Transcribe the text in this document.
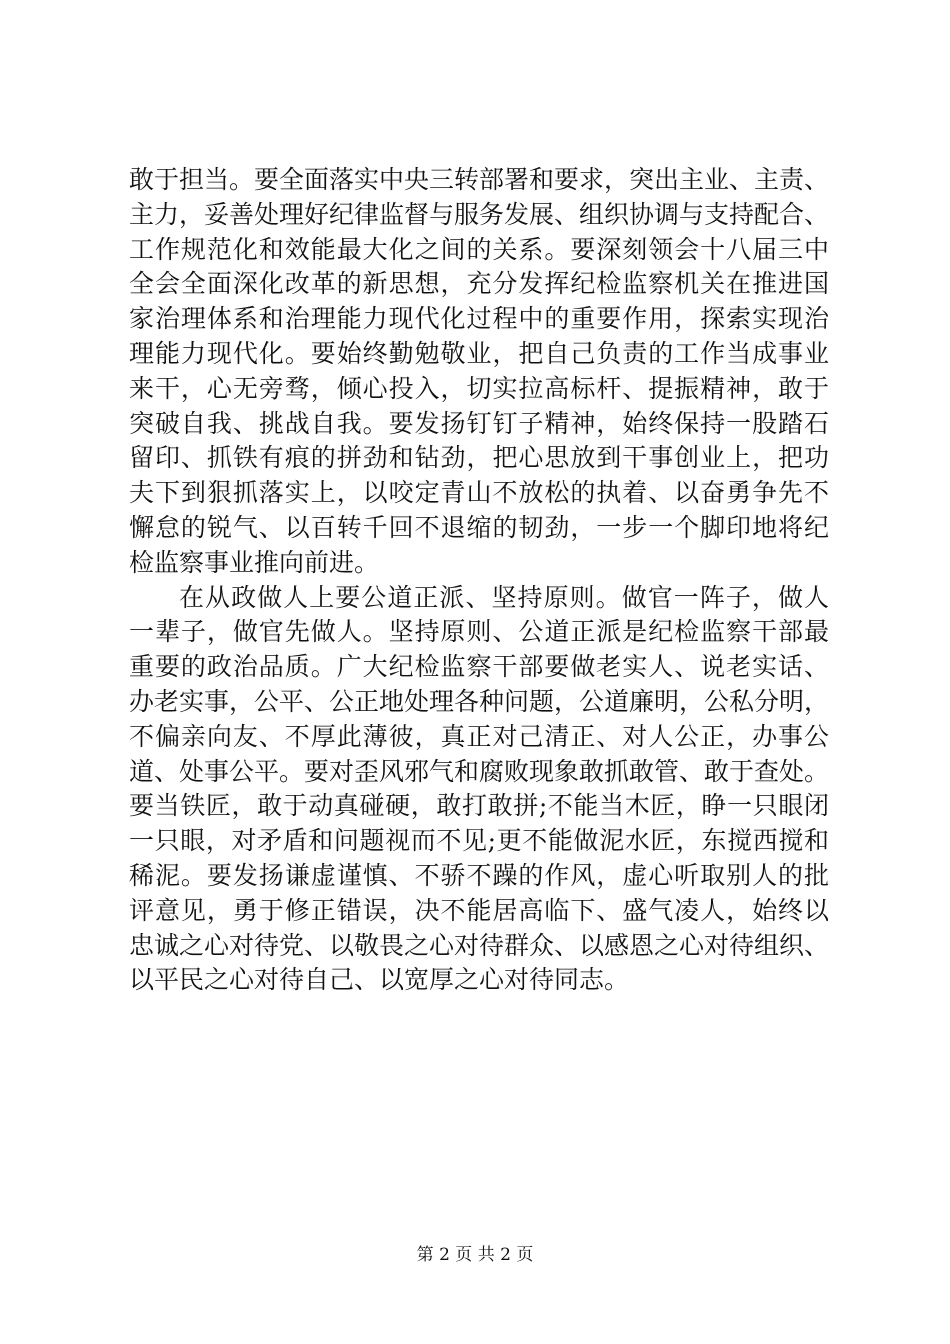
敢于担当。要全面落实中央三转部署和要求，突出主业、主责、
主力，妥善处理好纪律监督与服务发展、组织协调与支持配合、
工作规范化和效能最大化之间的关系。要深刻领会十八届三中
全会全面深化改革的新思想，充分发挥纪检监察机关在推进国
家治理体系和治理能力现代化过程中的重要作用，探索实现治
理能力现代化。要始终勤勉敬业，把自己负责的工作当成事业
来干，心无旁骛，倾心投入，切实拉高标杆、提振精神，敢于
突破自我、挑战自我。要发扬钉钉子精神，始终保持一股踏石
留印、抓铁有痕的拼劲和钻劲，把心思放到干事创业上，把功
夫下到狠抓落实上，以咬定青山不放松的执着、以奋勇争先不
懈怠的锐气、以百转千回不退缩的韧劲，一步一个脚印地将纪
检监察事业推向前进。
在从政做人上要公道正派、坚持原则。做官一阵子，做人
一辈子，做官先做人。坚持原则、公道正派是纪检监察干部最
重要的政治品质。广大纪检监察干部要做老实人、说老实话、
办老实事，公平、公正地处理各种问题，公道廉明，公私分明，
不偏亲向友、不厚此薄彼，真正对己清正、对人公正，办事公
道、处事公平。要对歪风邪气和腐败现象敢抓敢管、敢于查处。
要当铁匠，敢于动真碰硬，敢打敢拼;不能当木匠，睁一只眼闭
一只眼，对矛盾和问题视而不见;更不能做泥水匠，东搅西搅和
稀泥。要发扬谦虚谨慎、不骄不躁的作风，虚心听取别人的批
评意见，勇于修正错误，决不能居高临下、盛气凌人，始终以
忠诚之心对待党、以敬畏之心对待群众、以感恩之心对待组织、
以平民之心对待自己、以宽厚之心对待同志。
第 2 页 共 2 页
